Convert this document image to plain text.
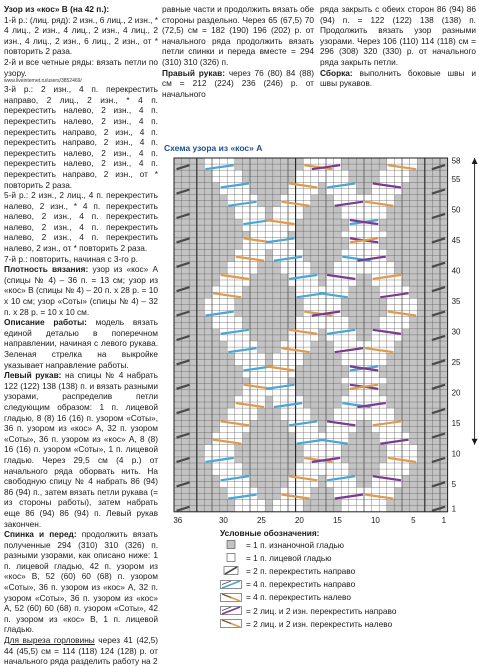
Узор из «кос» В (на 42 п.):

1-й р.: (лиц. ряд): 2 изн., 6 лиц., 2 изн., * 4 лиц., 2 изн., 4 лиц., 2 изн., 4 лиц., 2 изн., 4 лиц., 2 изн., 6 лиц., 2 изн., от * повторить 2 раза.

2-й и все четные ряды: вязать петли по узору.

www.liveinternet.ru/users/3852469/

3-й р.: 2 изн., 4 п. перекрестить направо, 2 лиц., 2 изн., * 4 п. перекрестить налево, 2 изн., 4 п. перекрестить налево, 2 изн., 4 п. перекрестить направо, 2 изн., 4 п. перекрестить направо, 2 изн., 4 п. перекрестить налево, 2 изн., 4 п. перекрестить налево, 2 изн., 4 п. перекрестить направо, 2 изн., от * повторить 2 раза.

5-й р.: 2 изн., 2 лиц., 4 п. перекрестить налево, 2 изн., * 4 п. перекрестить налево, 2 изн., 4 п. перекрестить налево, 2 изн., 4 п. перекрестить налево, 2 изн., 4 п. перекрестить налево, 2 изн., от * повторить 2 раза.

7-й р.: повторить, начиная с 3-го р.

Плотность вязания: узор из «кос» А (спицы № 4) – 36 п. = 13 см; узор из «кос» В (спицы № 4) – 20 п. х 28 р. = 10 х 10 см; узор «Соты» (спицы № 4) – 32 п. х 28 р. = 10 х 10 см.

Описание работы: модель вязать единой деталью в поперечном направлении, начиная с левого рукава. Зеленая стрелка на выкройке указывает направление работы.

Левый рукав: на спицы № 4 набрать 122 (122) 138 (138) п. и вязать разными узорами, распределив петли следующим образом: 1 п. лицевой гладью, 8 (8) 16 (16) п. узором «Соты», 36 п. узором из «кос» А, 32 п. узором «Соты», 36 п. узором из «кос» А, 8 (8) 16 (16) п. узором «Соты», 1 п. лицевой гладью. Через 29,5 см (4 р.) от начального ряда оборвать нить. На свободную спицу № 4 набрать 86 (94) 86 (94) п., затем вязать петли рукава (= из стороны работы), затем набрать еще 86 (94) 86 (94) п. Левый рукав закончен.

Спинка и перед: продолжить вязать полученные 294 (310) 310 (326) п. разными узорами, как описано ниже: 1 п. лицевой гладью, 42 п. узором из «кос» В, 52 (60) 60 (68) п. узором «Соты», 36 п. узором из «кос» А, 32 п. узором «Соты», 36 п. узором из «кос» А, 52 (60) 60 (68) п. узором «Соты», 42 п. узором из «кос» В, 1 п. лицевой гладью.

Для выреза горловины через 41 (42,5) 44 (45,5) см = 114 (118) 124 (128) р. от начального ряда разделить работу на 2

равные части и продолжить вязать обе стороны раздельно. Через 65 (67,5) 70 (72,5) см = 182 (190) 196 (202) р. от начального ряда продолжить вязать петли спинки и переда вместе = 294 (310) 310 (326) п.

Правый рукав: через 76 (80) 84 (88) см = 212 (224) 236 (246) р. от начального

ряда закрыть с обеих сторон 86 (94) 86 (94) п. = 122 (122) 138 (138) п. Продолжить вязать узор разными узорами. Через 106 (110) 114 (118) см = 296 (308) 320 (330) р. от начального ряда закрыть петли.

Сборка: выполнить боковые швы и швы рукавов.

Схема узора из «кос» А
36	30	25	20	15	10	5	1
58
55
50
45
40
35
30
25
20
15
10
5
1
Условные обозначения:
= 1 п. изнаночной гладью
= 1 п. лицевой гладью
= 2 п. перекрестить направо
= 4 п. перекрестить направо
= 4 п. перекрестить налево
= 2 лиц. и 2 изн. перекрестить направо
= 2 лиц. и 2 изн. перекрестить налево
